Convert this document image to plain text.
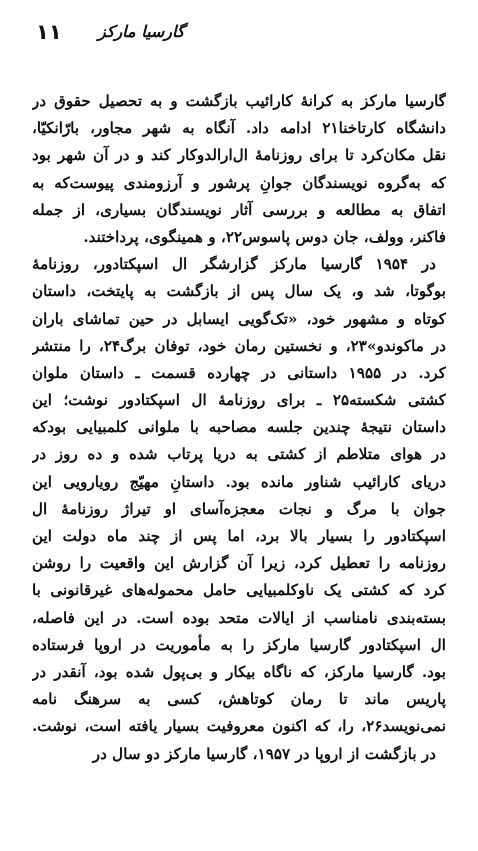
۱۱ گارسیا مارکز
گارسیا مارکز به کرانهٔ کارائیب بازگشت و به تحصیل حقوق در
دانشگاه کارتاخنا۲۱ ادامه داد. آنگاه به شهر مجاور، بارّانکیّا،
نقل مکان‌کرد تا برای روزنامهٔ ال‌ارالدوکار کند و در آن شهر بود
که به‌گروه نویسندگان جوانِ پرشور و آرزومندی پیوست‌که به
اتفاق به مطالعه و بررسی آثار نویسندگان بسیاری، از جمله
فاکنر، وولف، جان دوس پاسوس۲۲، و همینگوی، پرداختند.
در ۱۹۵۴ گارسیا مارکز گزارشگر ال اسپکتادور، روزنامهٔ
بوگوتا، شد و، یک سال پس از بازگشت به پایتخت، داستان
کوتاه و مشهور خود، «تک‌گویی ایسابل در حین تماشای باران
در ماکوندو»۲۳، و نخستین رمان خود، توفان برگ۲۴، را منتشر
کرد. در ۱۹۵۵ داستانی در چهارده قسمت ـ داستان ملوان
کشتی شکسته۲۵ ـ برای روزنامهٔ ال اسپکتادور نوشت؛ این
داستان نتیجهٔ چندین جلسه مصاحبه با ملوانی کلمبیایی بودکه
در هوای متلاطم از کشتی به دریا پرتاب شده و ده روز در
دریای کارائیب شناور مانده بود. داستانِ مهیّج رویارویی این
جوان با مرگ و نجات معجزه‌آسای او تیراژ روزنامهٔ ال
اسپکتادور را بسیار بالا برد، اما پس از چند ماه دولت این
روزنامه را تعطیل کرد، زیرا آن گزارش این واقعیت را روشن
کرد که کشتی یک ناوکلمبیایی حامل محموله‌های غیرقانونی با
بسته‌بندی نامناسب از ایالات متحد بوده است. در این فاصله،
ال اسپکتادور گارسیا مارکز را به مأموریت در اروپا فرستاده
بود. گارسیا مارکز، که ناگاه بیکار و بی‌پول شده بود، آنقدر در
پاریس ماند تا رمان کوتاهش، کسی به سرهنگ نامه
نمی‌نویسد۲۶، را، که اکنون معروفیت بسیار یافته است، نوشت.
در بازگشت از اروپا در ۱۹۵۷، گارسیا مارکز دو سال در
